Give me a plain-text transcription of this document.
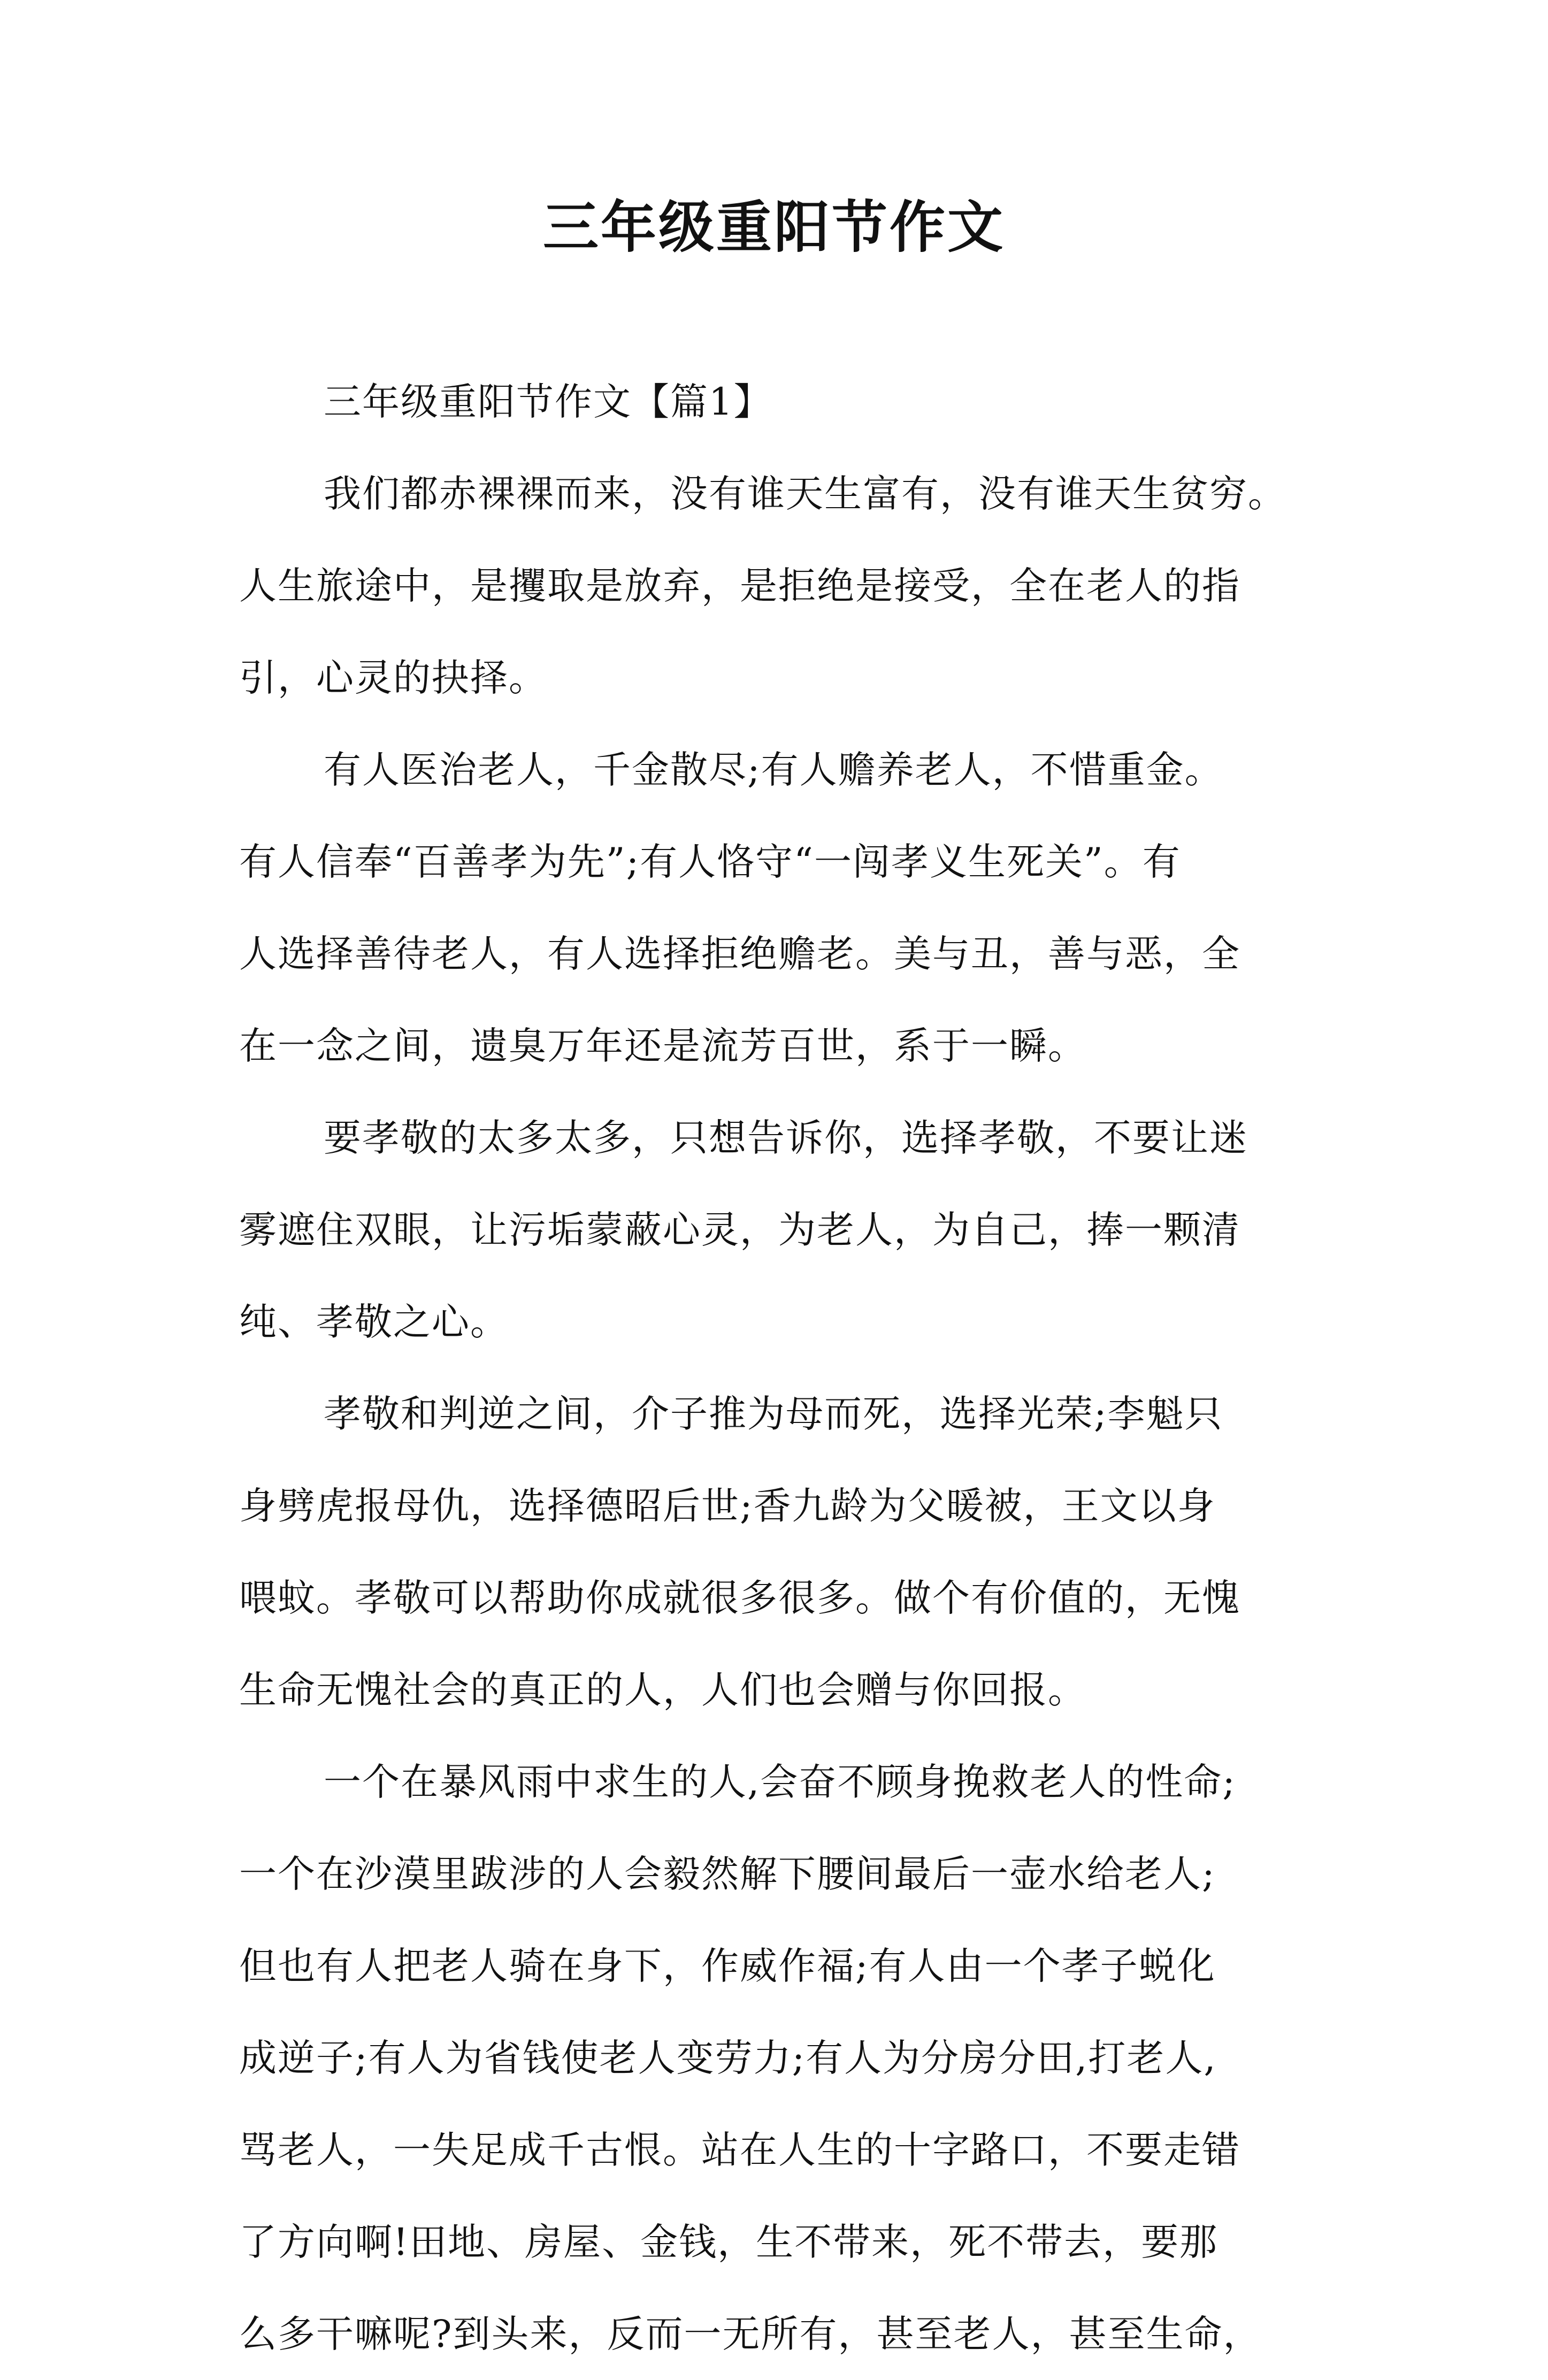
三年级重阳节作文
三年级重阳节作文【篇1】
我们都赤裸裸而来，没有谁天生富有，没有谁天生贫穷。
人生旅途中，是攫取是放弃，是拒绝是接受，全在老人的指
引，心灵的抉择。
有人医治老人，千金散尽;有人赡养老人，不惜重金。
有人信奉“百善孝为先”;有人恪守“一闯孝义生死关”。有
人选择善待老人，有人选择拒绝赡老。美与丑，善与恶，全
在一念之间，遗臭万年还是流芳百世，系于一瞬。
要孝敬的太多太多，只想告诉你，选择孝敬，不要让迷
雾遮住双眼，让污垢蒙蔽心灵，为老人，为自己，捧一颗清
纯、孝敬之心。
孝敬和判逆之间，介子推为母而死，选择光荣;李魁只
身劈虎报母仇，选择德昭后世;香九龄为父暖被，王文以身
喂蚊。孝敬可以帮助你成就很多很多。做个有价值的，无愧
生命无愧社会的真正的人，人们也会赠与你回报。
一个在暴风雨中求生的人,会奋不顾身挽救老人的性命;
一个在沙漠里跋涉的人会毅然解下腰间最后一壶水给老人;
但也有人把老人骑在身下，作威作福;有人由一个孝子蜕化
成逆子;有人为省钱使老人变劳力;有人为分房分田,打老人,
骂老人，一失足成千古恨。站在人生的十字路口，不要走错
了方向啊!田地、房屋、金钱，生不带来，死不带去，要那
么多干嘛呢?到头来，反而一无所有，甚至老人，甚至生命，
